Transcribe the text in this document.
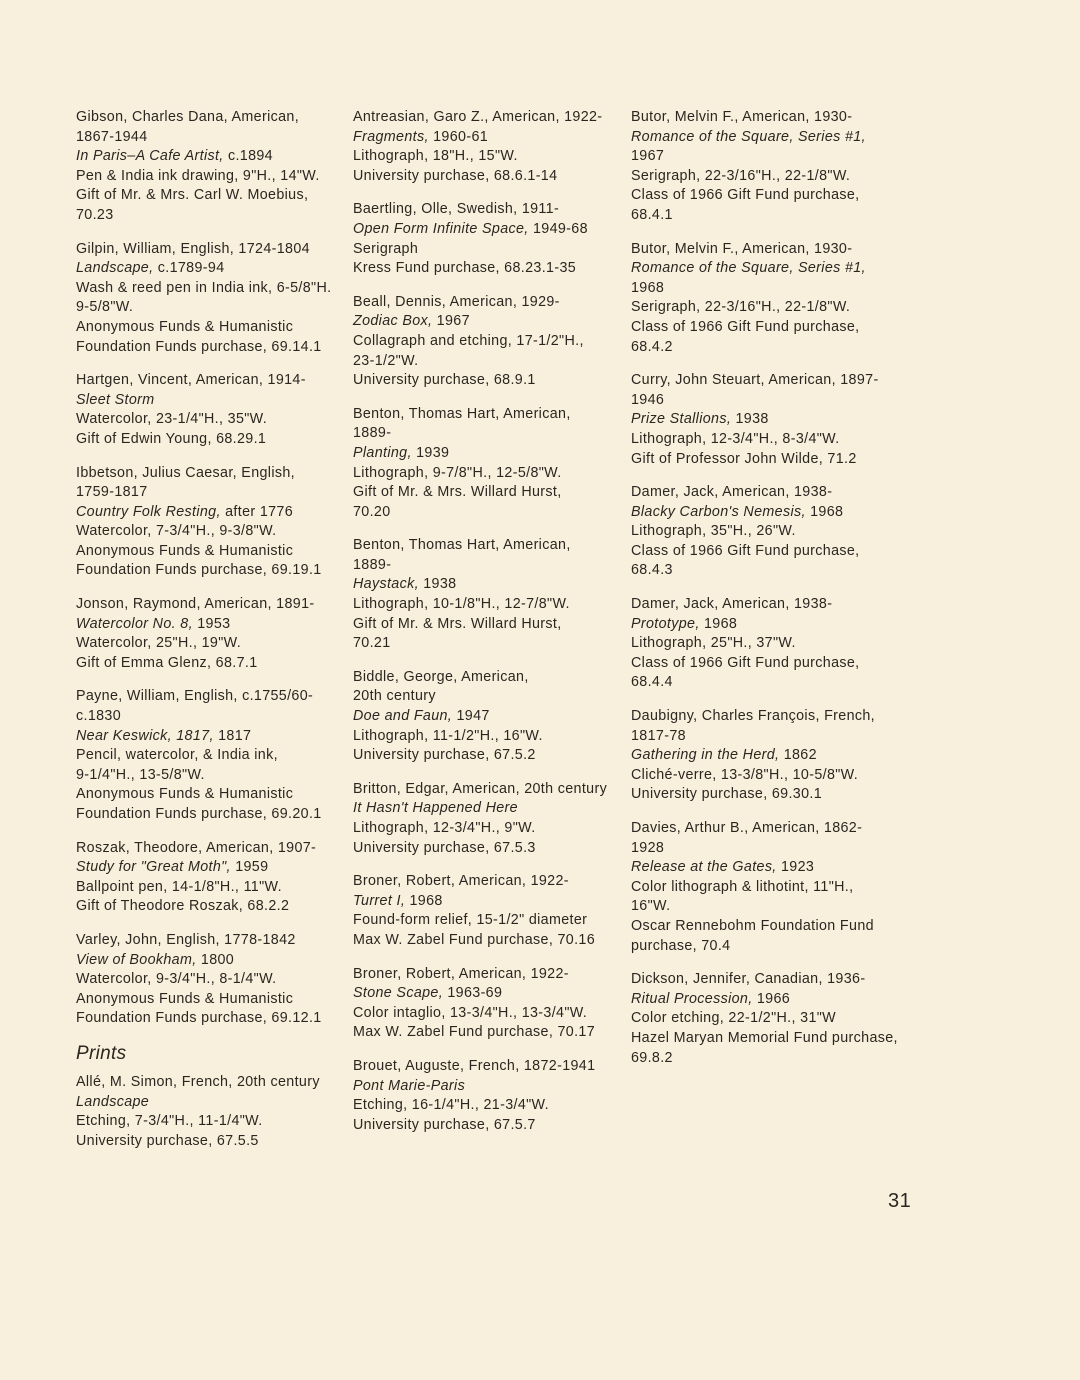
Gibson, Charles Dana, American,
1867-1944
In Paris–A Cafe Artist, c.1894
Pen & India ink drawing, 9"H., 14"W.
Gift of Mr. & Mrs. Carl W. Moebius,
70.23
Gilpin, William, English, 1724-1804
Landscape, c.1789-94
Wash & reed pen in India ink, 6-5/8"H.
9-5/8"W.
Anonymous Funds & Humanistic
Foundation Funds purchase, 69.14.1
Hartgen, Vincent, American, 1914-
Sleet Storm
Watercolor, 23-1/4"H., 35"W.
Gift of Edwin Young, 68.29.1
Ibbetson, Julius Caesar, English,
1759-1817
Country Folk Resting, after 1776
Watercolor, 7-3/4"H., 9-3/8"W.
Anonymous Funds & Humanistic
Foundation Funds purchase, 69.19.1
Jonson, Raymond, American, 1891-
Watercolor No. 8, 1953
Watercolor, 25"H., 19"W.
Gift of Emma Glenz, 68.7.1
Payne, William, English, c.1755/60-
c.1830
Near Keswick, 1817, 1817
Pencil, watercolor, & India ink,
9-1/4"H., 13-5/8"W.
Anonymous Funds & Humanistic
Foundation Funds purchase, 69.20.1
Roszak, Theodore, American, 1907-
Study for "Great Moth", 1959
Ballpoint pen, 14-1/8"H., 11"W.
Gift of Theodore Roszak, 68.2.2
Varley, John, English, 1778-1842
View of Bookham, 1800
Watercolor, 9-3/4"H., 8-1/4"W.
Anonymous Funds & Humanistic
Foundation Funds purchase, 69.12.1
Prints
Allé, M. Simon, French, 20th century
Landscape
Etching, 7-3/4"H., 11-1/4"W.
University purchase, 67.5.5
Antreasian, Garo Z., American, 1922-
Fragments, 1960-61
Lithograph, 18"H., 15"W.
University purchase, 68.6.1-14
Baertling, Olle, Swedish, 1911-
Open Form Infinite Space, 1949-68
Serigraph
Kress Fund purchase, 68.23.1-35
Beall, Dennis, American, 1929-
Zodiac Box, 1967
Collagraph and etching, 17-1/2"H.,
23-1/2"W.
University purchase, 68.9.1
Benton, Thomas Hart, American,
1889-
Planting, 1939
Lithograph, 9-7/8"H., 12-5/8"W.
Gift of Mr. & Mrs. Willard Hurst,
70.20
Benton, Thomas Hart, American,
1889-
Haystack, 1938
Lithograph, 10-1/8"H., 12-7/8"W.
Gift of Mr. & Mrs. Willard Hurst,
70.21
Biddle, George, American,
20th century
Doe and Faun, 1947
Lithograph, 11-1/2"H., 16"W.
University purchase, 67.5.2
Britton, Edgar, American, 20th century
It Hasn't Happened Here
Lithograph, 12-3/4"H., 9"W.
University purchase, 67.5.3
Broner, Robert, American, 1922-
Turret I, 1968
Found-form relief, 15-1/2" diameter
Max W. Zabel Fund purchase, 70.16
Broner, Robert, American, 1922-
Stone Scape, 1963-69
Color intaglio, 13-3/4"H., 13-3/4"W.
Max W. Zabel Fund purchase, 70.17
Brouet, Auguste, French, 1872-1941
Pont Marie-Paris
Etching, 16-1/4"H., 21-3/4"W.
University purchase, 67.5.7
Butor, Melvin F., American, 1930-
Romance of the Square, Series #1,
1967
Serigraph, 22-3/16"H., 22-1/8"W.
Class of 1966 Gift Fund purchase,
68.4.1
Butor, Melvin F., American, 1930-
Romance of the Square, Series #1,
1968
Serigraph, 22-3/16"H., 22-1/8"W.
Class of 1966 Gift Fund purchase,
68.4.2
Curry, John Steuart, American, 1897-
1946
Prize Stallions, 1938
Lithograph, 12-3/4"H., 8-3/4"W.
Gift of Professor John Wilde, 71.2
Damer, Jack, American, 1938-
Blacky Carbon's Nemesis, 1968
Lithograph, 35"H., 26"W.
Class of 1966 Gift Fund purchase,
68.4.3
Damer, Jack, American, 1938-
Prototype, 1968
Lithograph, 25"H., 37"W.
Class of 1966 Gift Fund purchase,
68.4.4
Daubigny, Charles François, French,
1817-78
Gathering in the Herd, 1862
Cliché-verre, 13-3/8"H., 10-5/8"W.
University purchase, 69.30.1
Davies, Arthur B., American, 1862-
1928
Release at the Gates, 1923
Color lithograph & lithotint, 11"H.,
16"W.
Oscar Rennebohm Foundation Fund
purchase, 70.4
Dickson, Jennifer, Canadian, 1936-
Ritual Procession, 1966
Color etching, 22-1/2"H., 31"W
Hazel Maryan Memorial Fund purchase,
69.8.2
31
